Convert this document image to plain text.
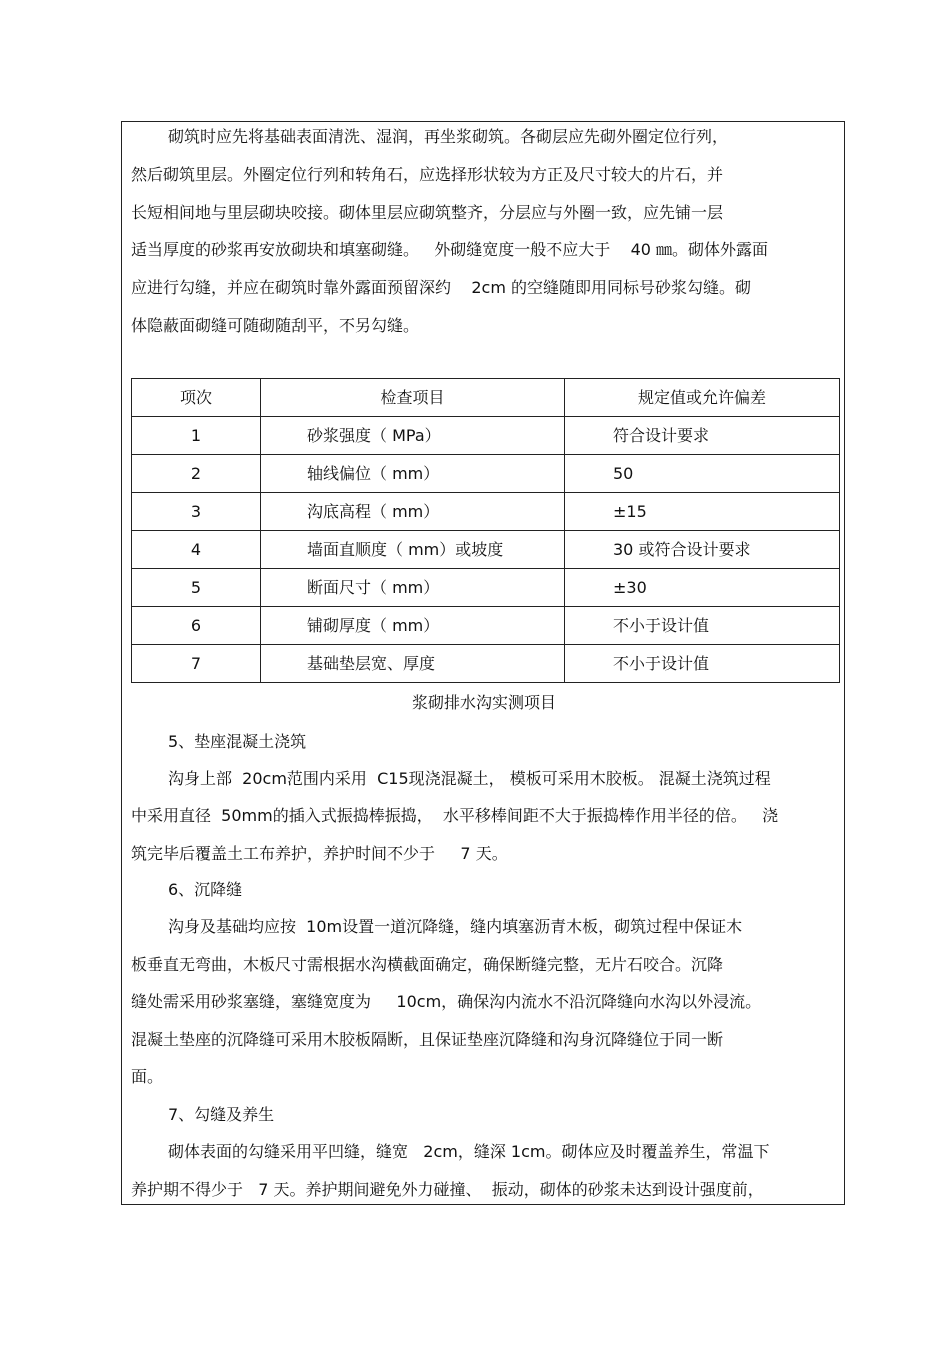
砌筑时应先将基础表面清洗、湿润，再坐浆砌筑。各砌层应先砌外圈定位行列，
然后砌筑里层。外圈定位行列和转角石，应选择形状较为方正及尺寸较大的片石，并
长短相间地与里层砌块咬接。砌体里层应砌筑整齐，分层应与外圈一致，应先铺一层
适当厚度的砂浆再安放砌块和填塞砌缝。   外砌缝宽度一般不应大于    40 ㎜。砌体外露面
应进行勾缝，并应在砌筑时靠外露面预留深约    2cm 的空缝随即用同标号砂浆勾缝。砌
体隐蔽面砌缝可随砌随刮平，不另勾缝。
项次	检查项目	规定值或允许偏差
1	砂浆强度（ MPa）	符合设计要求
2	轴线偏位（ mm）	50
3	沟底高程（ mm）	±15
4	墙面直顺度（ mm）或坡度	30 或符合设计要求
5	断面尺寸（ mm）	±30
6	铺砌厚度（ mm）	不小于设计值
7	基础垫层宽、厚度	不小于设计值
浆砌排水沟实测项目
5、垫座混凝土浇筑
沟身上部  20cm范围内采用  C15现浇混凝土， 模板可采用木胶板。 混凝土浇筑过程
中采用直径  50mm的插入式振捣棒振捣，  水平移棒间距不大于振捣棒作用半径的倍。   浇
筑完毕后覆盖土工布养护，养护时间不少于     7 天。
6、沉降缝
沟身及基础均应按  10m设置一道沉降缝，缝内填塞沥青木板，砌筑过程中保证木
板垂直无弯曲，木板尺寸需根据水沟横截面确定，确保断缝完整，无片石咬合。沉降
缝处需采用砂浆塞缝，塞缝宽度为     10cm，确保沟内流水不沿沉降缝向水沟以外浸流。
混凝土垫座的沉降缝可采用木胶板隔断，且保证垫座沉降缝和沟身沉降缝位于同一断
面。
7、勾缝及养生
砌体表面的勾缝采用平凹缝，缝宽   2cm，缝深 1cm。砌体应及时覆盖养生，常温下
养护期不得少于   7 天。养护期间避免外力碰撞、  振动，砌体的砂浆未达到设计强度前，
